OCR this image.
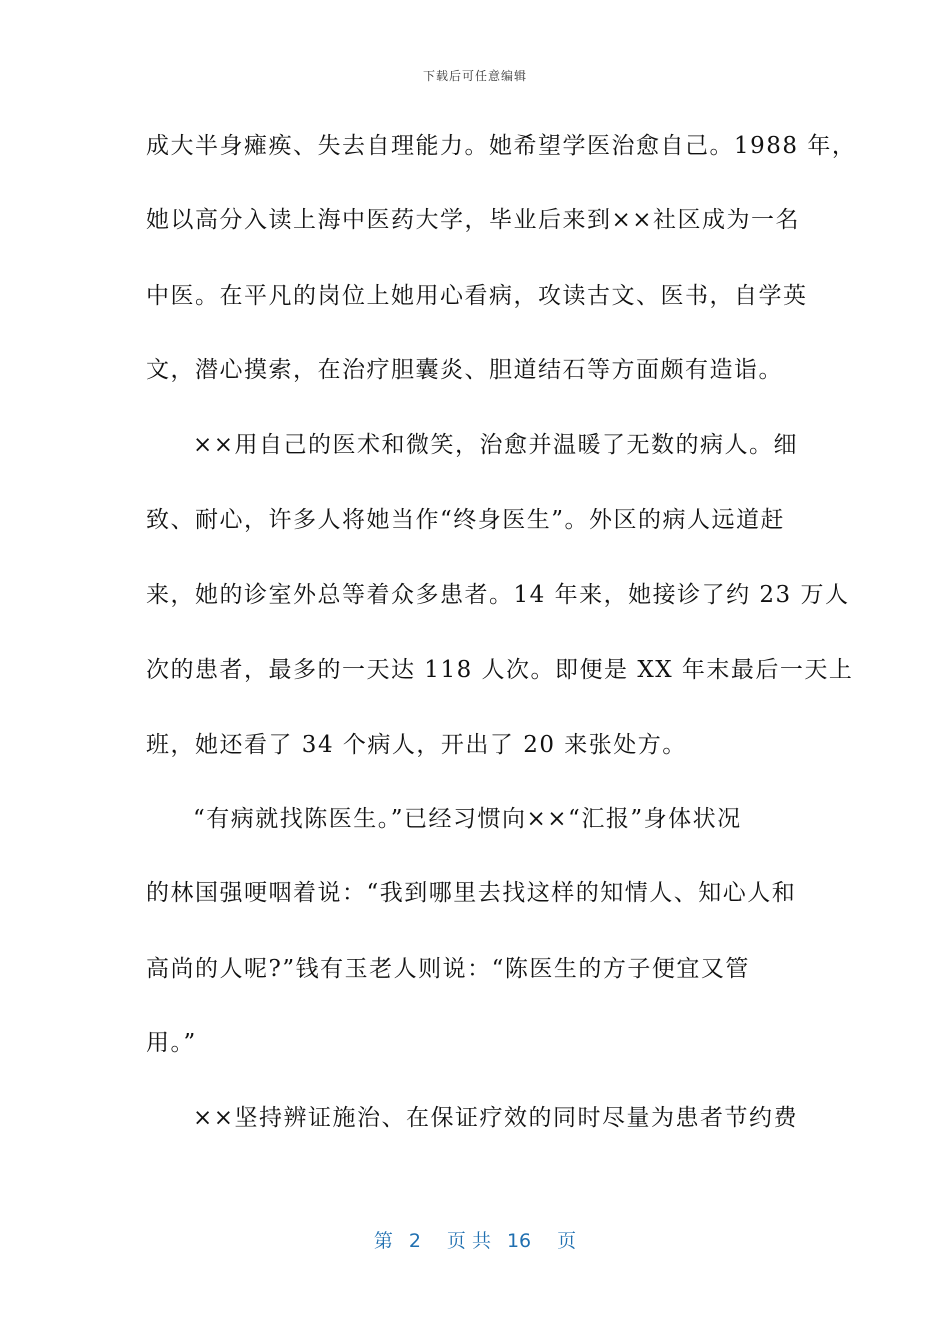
下载后可任意编辑
成大半身瘫痪、失去自理能力。她希望学医治愈自己。1988 年，
她以高分入读上海中医药大学，毕业后来到××社区成为一名
中医。在平凡的岗位上她用心看病，攻读古文、医书，自学英
文，潜心摸索，在治疗胆囊炎、胆道结石等方面颇有造诣。
××用自己的医术和微笑，治愈并温暖了无数的病人。细
致、耐心，许多人将她当作“终身医生”。外区的病人远道赶
来，她的诊室外总等着众多患者。14 年来，她接诊了约 23 万人
次的患者，最多的一天达 118 人次。即便是 XX 年末最后一天上
班，她还看了 34 个病人，开出了 20 来张处方。
“有病就找陈医生。”已经习惯向××“汇报”身体状况
的林国强哽咽着说：“我到哪里去找这样的知情人、知心人和
高尚的人呢?”钱有玉老人则说：“陈医生的方子便宜又管
用。”
××坚持辨证施治、在保证疗效的同时尽量为患者节约费
第 2 页 共 16 页
